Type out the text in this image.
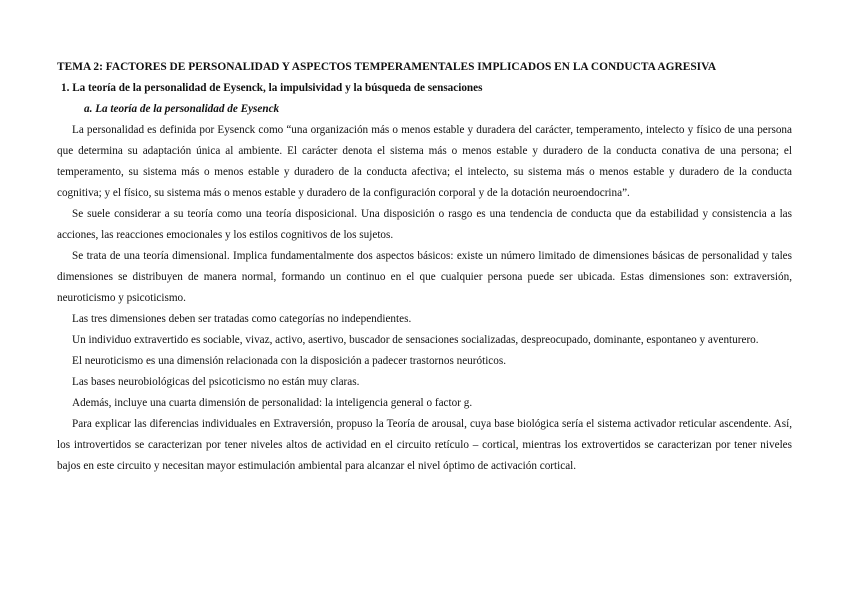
TEMA 2: FACTORES DE PERSONALIDAD Y ASPECTOS TEMPERAMENTALES IMPLICADOS EN LA CONDUCTA AGRESIVA

1. La teoría de la personalidad de Eysenck, la impulsividad y la búsqueda de sensaciones

a. La teoría de la personalidad de Eysenck

La personalidad es definida por Eysenck como “una organización más o menos estable y duradera del carácter, temperamento, intelecto y físico de una persona que determina su adaptación única al ambiente. El carácter denota el sistema más o menos estable y duradero de la conducta conativa de una persona; el temperamento, su sistema más o menos estable y duradero de la conducta afectiva; el intelecto, su sistema más o menos estable y duradero de la conducta cognitiva; y el físico, su sistema más o menos estable y duradero de la configuración corporal y de la dotación neuroendocrina”.

Se suele considerar a su teoría como una teoría disposicional. Una disposición o rasgo es una tendencia de conducta que da estabilidad y consistencia a las acciones, las reacciones emocionales y los estilos cognitivos de los sujetos.

Se trata de una teoría dimensional. Implica fundamentalmente dos aspectos básicos: existe un número limitado de dimensiones básicas de personalidad y tales dimensiones se distribuyen de manera normal, formando un continuo en el que cualquier persona puede ser ubicada. Estas dimensiones son: extraversión, neuroticismo y psicoticismo.

Las tres dimensiones deben ser tratadas como categorías no independientes.

Un individuo extravertido es sociable, vivaz, activo, asertivo, buscador de sensaciones socializadas, despreocupado, dominante, espontaneo y aventurero.

El neuroticismo es una dimensión relacionada con la disposición a padecer trastornos neuróticos.

Las bases neurobiológicas del psicoticismo no están muy claras.

Además, incluye una cuarta dimensión de personalidad: la inteligencia general o factor g.

Para explicar las diferencias individuales en Extraversión, propuso la Teoría de arousal, cuya base biológica sería el sistema activador reticular ascendente. Así, los introvertidos se caracterizan por tener niveles altos de actividad en el circuito retículo – cortical, mientras los extrovertidos se caracterizan por tener niveles bajos en este circuito y necesitan mayor estimulación ambiental para alcanzar el nivel óptimo de activación cortical.
